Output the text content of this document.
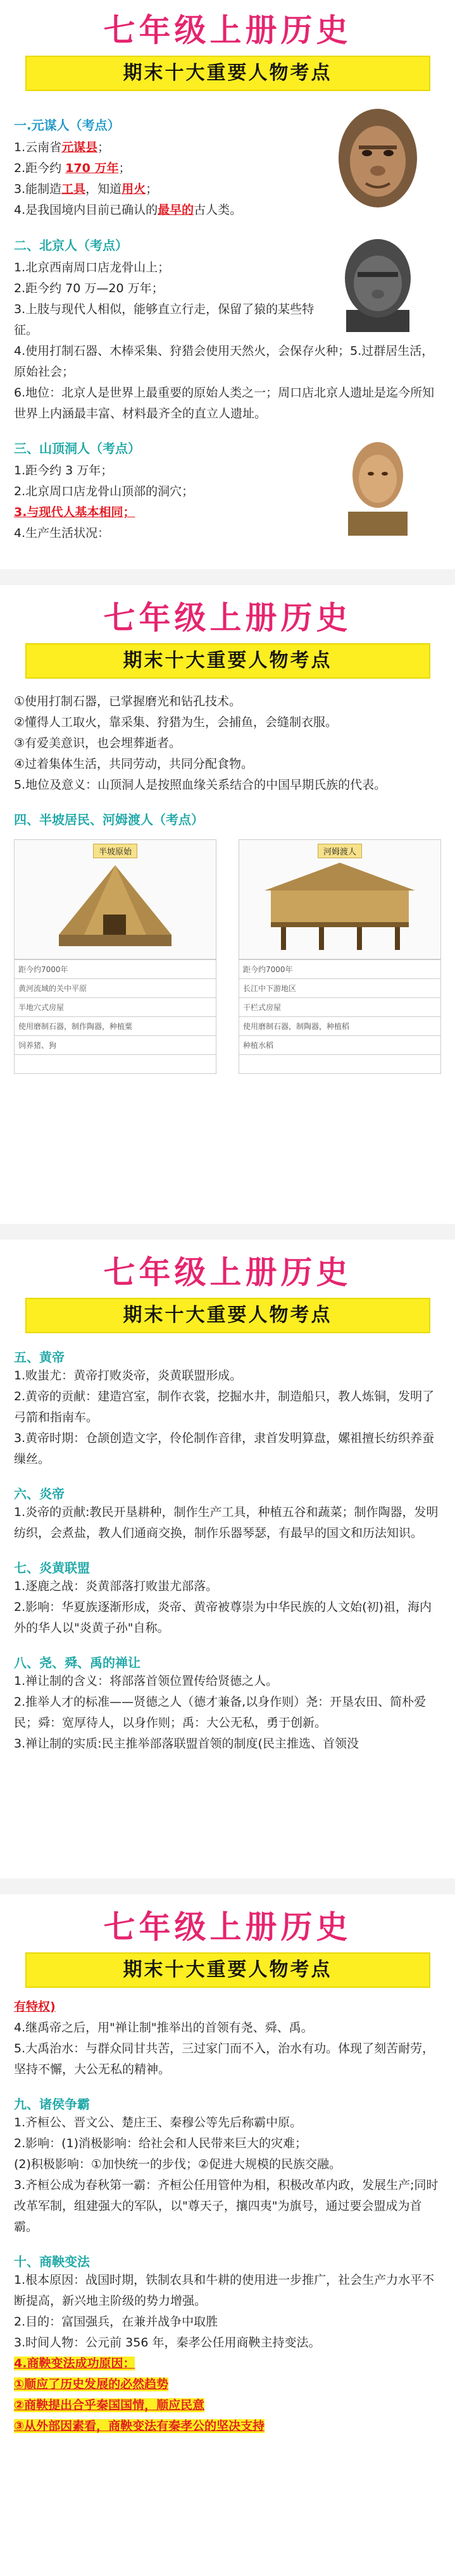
七年级上册历史
期末十大重要人物考点
一.元谋人（考点）
1.云南省元谋县；
2.距今约 170 万年；
3.能制造工具，知道用火；
4.是我国境内目前已确认的最早的古人类。
二、北京人（考点）
1.北京西南周口店龙骨山上；
2.距今约 70 万—20 万年；
3.上肢与现代人相似，能够直立行走，保留了猿的某些特征。
4.使用打制石器、木棒采集、狩猎会使用天然火，会保存火种；5.过群居生活，原始社会；
6.地位：北京人是世界上最重要的原始人类之一；周口店北京人遗址是迄今所知世界上内涵最丰富、材料最齐全的直立人遗址。
三、山顶洞人（考点）
1.距今约 3 万年；
2.北京周口店龙骨山顶部的洞穴；
3.与现代人基本相同；
4.生产生活状况：
七年级上册历史
期末十大重要人物考点
①使用打制石器，已掌握磨光和钻孔技术。
②懂得人工取火，靠采集、狩猎为生，会捕鱼，会缝制衣服。
③有爱美意识，也会埋葬逝者。
④过着集体生活，共同劳动，共同分配食物。
5.地位及意义：山顶洞人是按照血缘关系结合的中国早期氏族的代表。
四、半坡居民、河姆渡人（考点）
半坡原始
距今约7000年
黄河流域的关中平原
半地穴式房屋
使用磨制石器，制作陶器，种植粟
饲养猪、狗
河姆渡人
距今约7000年
长江中下游地区
干栏式房屋
使用磨制石器，制陶器，种植稻
种植水稻
七年级上册历史
期末十大重要人物考点
五、黄帝
1.败蚩尤：黄帝打败炎帝，炎黄联盟形成。
2.黄帝的贡献：建造宫室，制作衣裳，挖掘水井，制造船只，教人炼铜，发明了弓箭和指南车。
3.黄帝时期：仓颉创造文字，伶伦制作音律，隶首发明算盘，嫘祖擅长纺织养蚕缫丝。
六、炎帝
1.炎帝的贡献:教民开垦耕种，制作生产工具，种植五谷和蔬菜；制作陶器，发明纺织，会煮盐，教人们通商交换，制作乐器琴瑟，有最早的国文和历法知识。
七、炎黄联盟
1.逐鹿之战：炎黄部落打败蚩尤部落。
2.影响：华夏族逐渐形成，炎帝、黄帝被尊崇为中华民族的人文始(初)祖，海内外的华人以"炎黄子孙"自称。
八、尧、舜、禹的禅让
1.禅让制的含义：将部落首领位置传给贤德之人。
2.推举人才的标准——贤德之人（德才兼备,以身作则）尧：开垦农田、简朴爱民；舜：宽厚待人，以身作则；禹：大公无私，勇于创新。
3.禅让制的实质:民主推举部落联盟首领的制度(民主推选、首领没
七年级上册历史
期末十大重要人物考点
有特权)
4.继禹帝之后，用"禅让制"推举出的首领有尧、舜、禹。
5.大禹治水：与群众同甘共苦，三过家门而不入，治水有功。体现了刻苦耐劳，坚持不懈，大公无私的精神。
九、诸侯争霸
1.齐桓公、晋文公、楚庄王、秦穆公等先后称霸中原。
2.影响：(1)消极影响：给社会和人民带来巨大的灾难；
(2)积极影响：①加快统一的步伐；②促进大规模的民族交融。
3.齐桓公成为春秋第一霸：齐桓公任用管仲为相，积极改革内政，发展生产;同时改革军制，组建强大的军队，以"尊天子，攘四夷"为旗号，通过要会盟成为首霸。
十、商鞅变法
1.根本原因：战国时期，铁制农具和牛耕的使用进一步推广，社会生产力水平不断提高，新兴地主阶级的势力增强。
2.目的：富国强兵，在兼并战争中取胜
3.时间人物：公元前 356 年，秦孝公任用商鞅主持变法。
4.商鞅变法成功原因：
①顺应了历史发展的必然趋势
②商鞅提出合乎秦国国情，顺应民意
③从外部因素看，商鞅变法有秦孝公的坚决支持
